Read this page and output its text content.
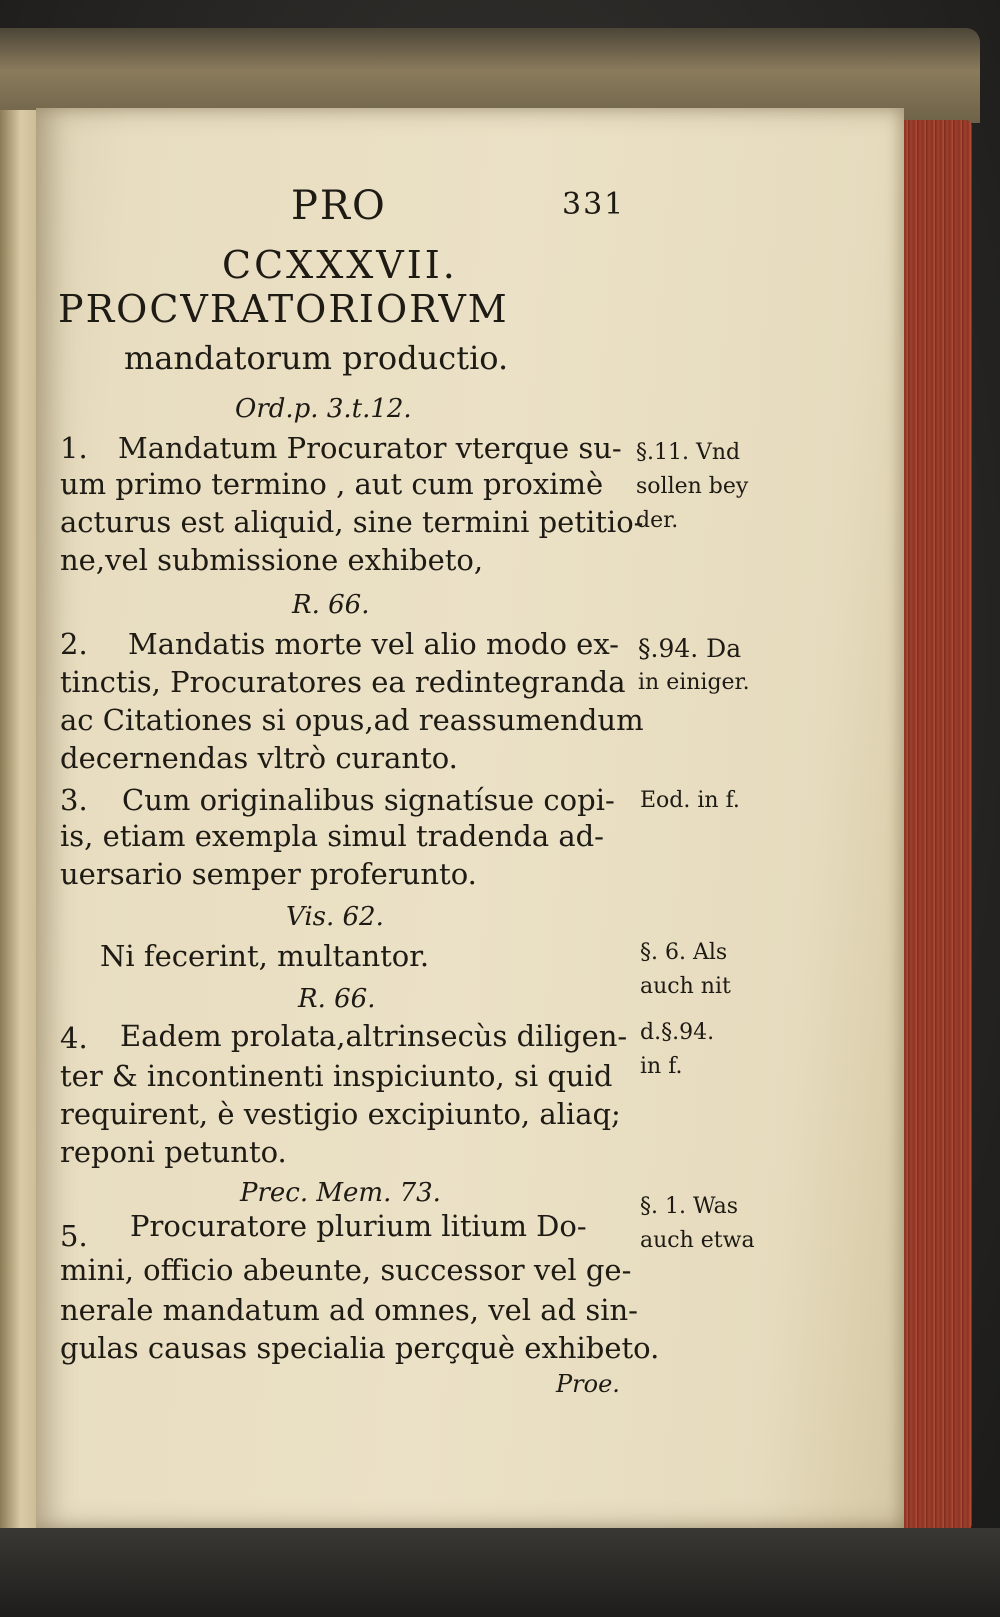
PRO	331
CCXXXVII.
PROCVRATORIORVM
mandatorum productio.
Ord.p. 3.t.12.
1. Mandatum Procurator vterque su-
um primo termino , aut cum proximè
acturus est aliquid, sine termini petitio-
ne,vel submissione exhibeto,
R. 66.
§.11. Vnd
sollen bey
der.
2. Mandatis morte vel alio modo ex-
tinctis, Procuratores ea redintegranda
ac Citationes si opus,ad reassumendum
decernendas vltrò curanto.
§.94. Da
in einiger.
3. Cum originalibus signatísue copi-
is, etiam exempla simul tradenda ad-
uersario semper proferunto.
Vis. 62.
Eod. in f.
Ni fecerint, multantor.
R. 66.
§. 6. Als
auch nit
4. Eadem prolata,altrinsecùs diligen-
ter & incontinenti inspiciunto, si quid
requirent, è vestigio excipiunto, aliaq;
reponi petunto.
Prec. Mem. 73.
d.§.94.
in f.
5. Procuratore plurium litium Do-
mini, officio abeunte, successor vel ge-
nerale mandatum ad omnes, vel ad sin-
gulas causas specialia perçquè exhibeto.
§. 1. Was
auch etwa
Proe.
